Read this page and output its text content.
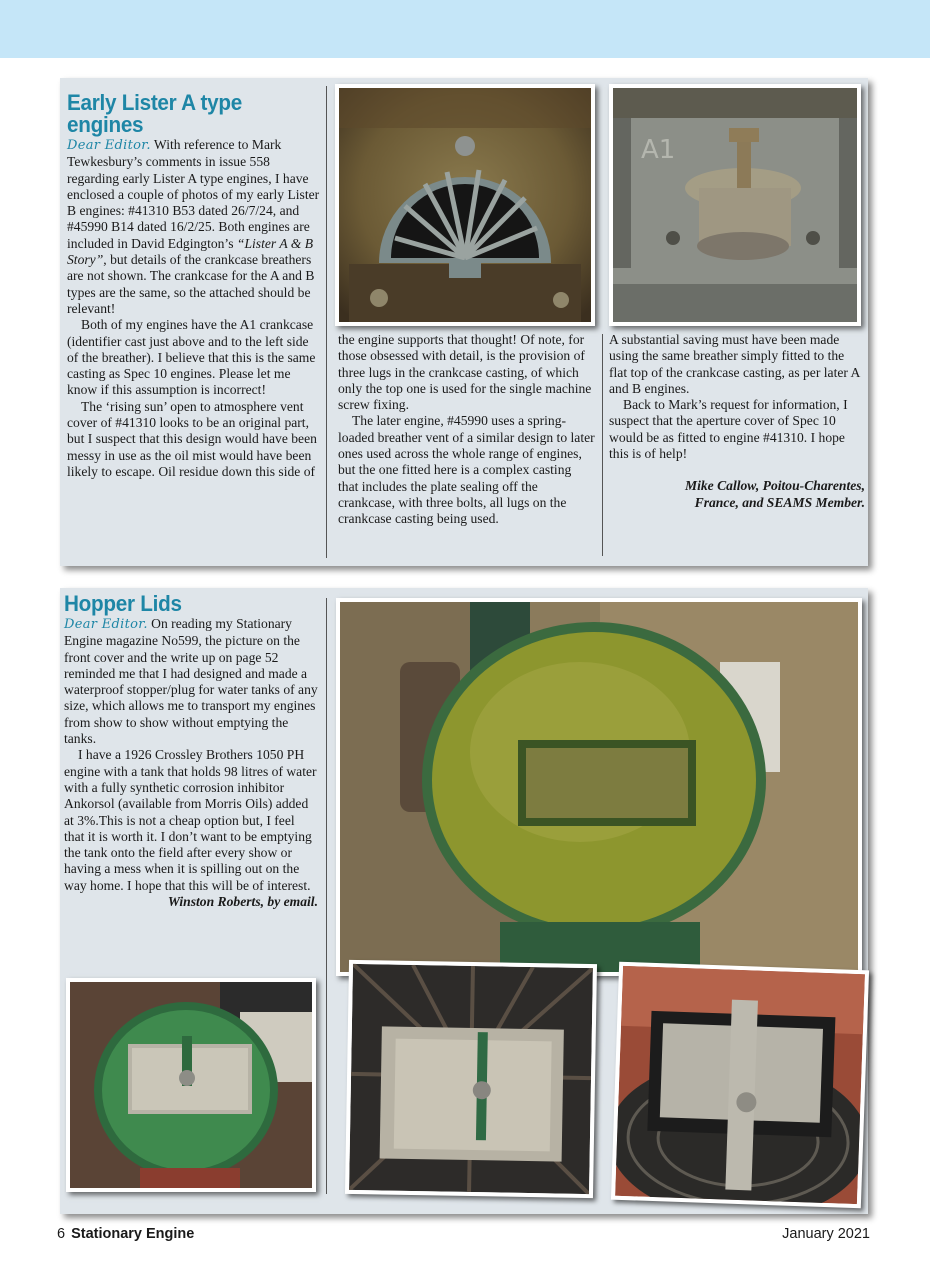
Early Lister A type engines

Dear Editor. With reference to Mark Tewkesbury’s comments in issue 558 regarding early Lister A type engines, I have enclosed a couple of photos of my early Lister B engines: #41310 B53 dated 26/7/24, and #45990 B14 dated 16/2/25. Both engines are included in David Edgington’s “Lister A & B Story”, but details of the crankcase breathers are not shown. The crankcase for the A and B types are the same, so the attached should be relevant!

Both of my engines have the A1 crankcase (identifier cast just above and to the left side of the breather). I believe that this is the same casting as Spec 10 engines. Please let me know if this assumption is incorrect!

The ‘rising sun’ open to atmosphere vent cover of #41310 looks to be an original part, but I suspect that this design would have been messy in use as the oil mist would have been likely to escape. Oil residue down this side of

A1

the engine supports that thought! Of note, for those obsessed with detail, is the provision of three lugs in the crankcase casting, of which only the top one is used for the single machine screw fixing.

The later engine, #45990 uses a spring-loaded breather vent of a similar design to later ones used across the whole range of engines, but the one fitted here is a complex casting that includes the plate sealing off the crankcase, with three bolts, all lugs on the crankcase casting being used.

A substantial saving must have been made using the same breather simply fitted to the flat top of the crankcase casting, as per later A and B engines.

Back to Mark’s request for information, I suspect that the aperture cover of Spec 10 would be as fitted to engine #41310. I hope this is of help!

Mike Callow, Poitou-Charentes,

France, and SEAMS Member.

Hopper Lids

Dear Editor. On reading my Stationary Engine magazine No599, the picture on the front cover and the write up on page 52 reminded me that I had designed and made a waterproof stopper/plug for water tanks of any size, which allows me to transport my engines from show to show without emptying the tanks.

I have a 1926 Crossley Brothers 1050 PH engine with a tank that holds 98 litres of water with a fully synthetic corrosion inhibitor Ankorsol (available from Morris Oils) added at 3%.This is not a cheap option but, I feel that it is worth it. I don’t want to be emptying the tank onto the field after every show or having a mess when it is spilling out on the way home. I hope that this will be of interest.

Winston Roberts, by email.

6 Stationary Engine	January 2021
